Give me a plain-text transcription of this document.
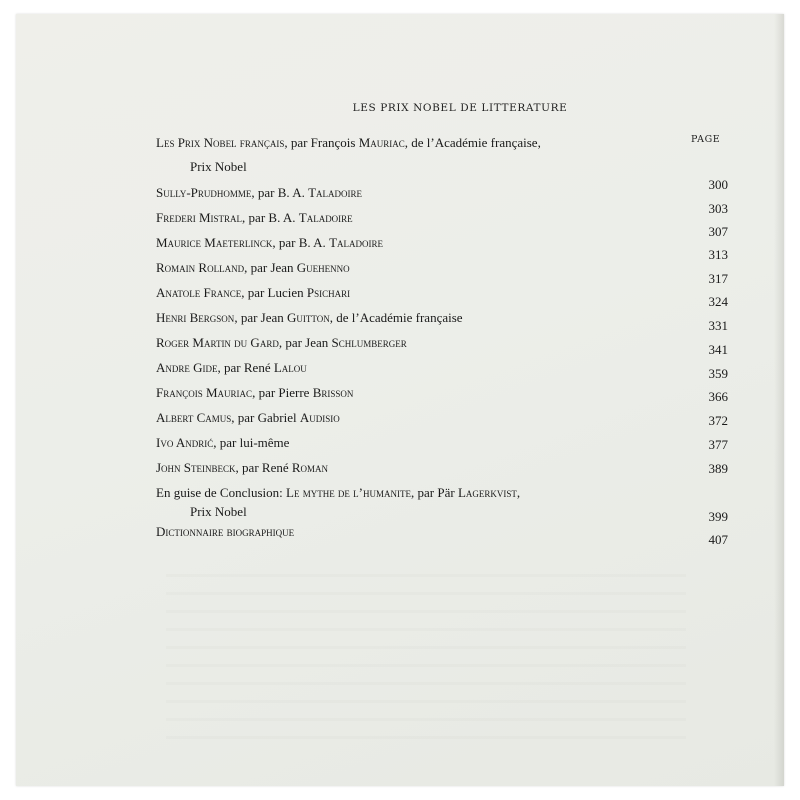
LES PRIX NOBEL DE LITTERATURE
PAGE
Les Prix Nobel français, par François Mauriac, de l’Académie française,
Prix Nobel
Sully-Prudhomme, par B. A. Taladoire
300
Frederi Mistral, par B. A. Taladoire
303
Maurice Maeterlinck, par B. A. Taladoire
307
Romain Rolland, par Jean Guehenno
313
Anatole France, par Lucien Psichari
317
Henri Bergson, par Jean Guitton, de l’Académie française
324
Roger Martin du Gard, par Jean Schlumberger
331
Andre Gide, par René Lalou
341
François Mauriac, par Pierre Brisson
359
Albert Camus, par Gabriel Audisio
366
Ivo Andrić, par lui-même
372
John Steinbeck, par René Roman
377
En guise de Conclusion: Le mythe de l’humanite, par Pär Lagerkvist,
Prix Nobel
389
399
Dictionnaire biographique
407
